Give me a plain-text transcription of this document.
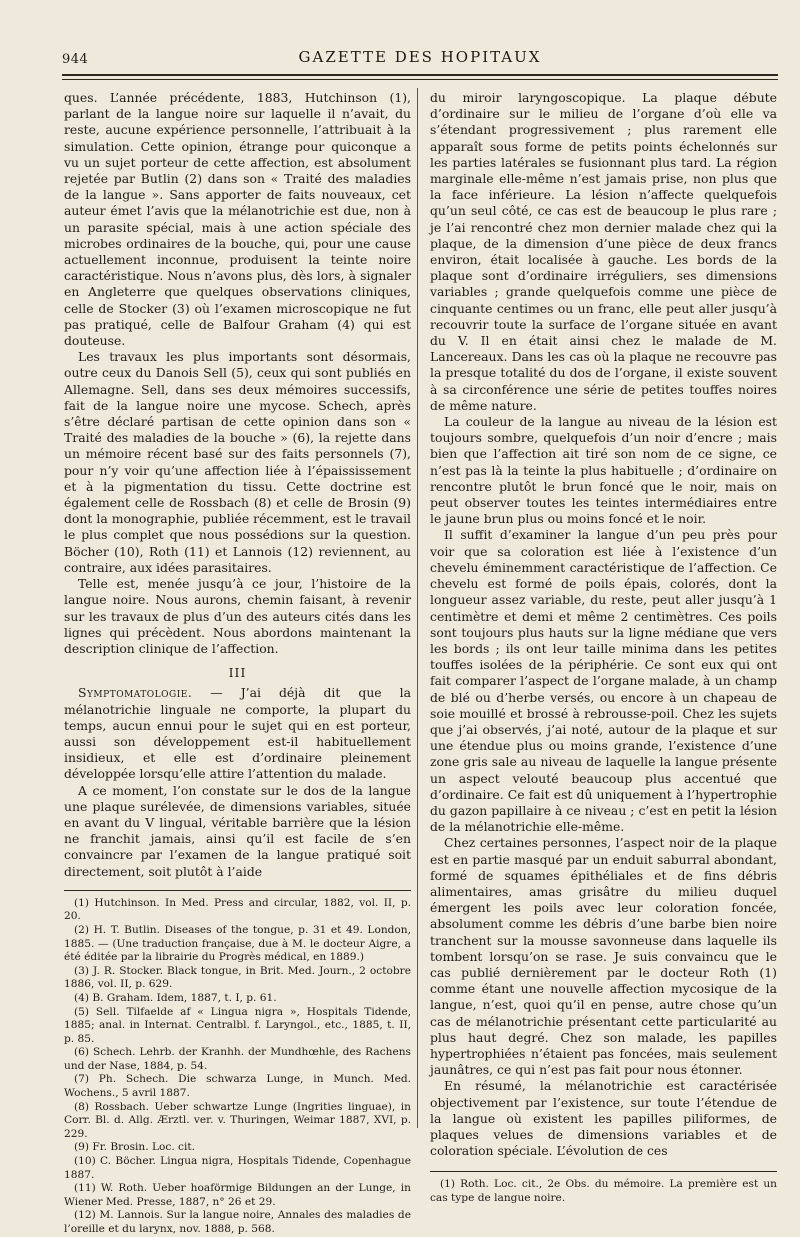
944	GAZETTE DES HOPITAUX

ques. L’année précédente, 1883, Hutchinson (1), parlant de la langue noire sur laquelle il n’avait, du reste, aucune expérience personnelle, l’attribuait à la simulation. Cette opinion, étrange pour quiconque a vu un sujet porteur de cette affection, est absolument rejetée par Butlin (2) dans son « Traité des maladies de la langue ». Sans apporter de faits nouveaux, cet auteur émet l’avis que la mélanotrichie est due, non à un parasite spécial, mais à une action spéciale des microbes ordinaires de la bouche, qui, pour une cause actuellement inconnue, produisent la teinte noire caractéristique. Nous n’avons plus, dès lors, à signaler en Angleterre que quelques observations cliniques, celle de Stocker (3) où l’examen microscopique ne fut pas pratiqué, celle de Balfour Graham (4) qui est douteuse.

Les travaux les plus importants sont désormais, outre ceux du Danois Sell (5), ceux qui sont publiés en Allemagne. Sell, dans ses deux mémoires successifs, fait de la langue noire une mycose. Schech, après s’être déclaré partisan de cette opinion dans son « Traité des maladies de la bouche » (6), la rejette dans un mémoire récent basé sur des faits personnels (7), pour n’y voir qu’une affection liée à l’épaississement et à la pigmentation du tissu. Cette doctrine est également celle de Rossbach (8) et celle de Brosin (9) dont la monographie, publiée récemment, est le travail le plus complet que nous possédions sur la question. Böcher (10), Roth (11) et Lannois (12) reviennent, au contraire, aux idées parasitaires.

Telle est, menée jusqu’à ce jour, l’histoire de la langue noire. Nous aurons, chemin faisant, à revenir sur les travaux de plus d’un des auteurs cités dans les lignes qui précèdent. Nous abordons maintenant la description clinique de l’affection.

III

Symptomatologie. — J’ai déjà dit que la mélanotrichie linguale ne comporte, la plupart du temps, aucun ennui pour le sujet qui en est porteur, aussi son développement est-il habituellement insidieux, et elle est d’ordinaire pleinement développée lorsqu’elle attire l’attention du malade.

A ce moment, l’on constate sur le dos de la langue une plaque surélevée, de dimensions variables, située en avant du V lingual, véritable barrière que la lésion ne franchit jamais, ainsi qu’il est facile de s’en convaincre par l’examen de la langue pratiqué soit directement, soit plutôt à l’aide

(1) Hutchinson. In Med. Press and circular, 1882, vol. II, p. 20.

(2) H. T. Butlin. Diseases of the tongue, p. 31 et 49. London, 1885. — (Une traduction française, due à M. le docteur Aigre, a été éditée par la librairie du Progrès médical, en 1889.)

(3) J. R. Stocker. Black tongue, in Brit. Med. Journ., 2 octobre 1886, vol. II, p. 629.

(4) B. Graham. Idem, 1887, t. I, p. 61.

(5) Sell. Tilfaelde af « Lingua nigra », Hospitals Tidende, 1885; anal. in Internat. Centralbl. f. Laryngol., etc., 1885, t. II, p. 85.

(6) Schech. Lehrb. der Kranhh. der Mundhœhle, des Rachens und der Nase, 1884, p. 54.

(7) Ph. Schech. Die schwarza Lunge, in Munch. Med. Wochens., 5 avril 1887.

(8) Rossbach. Ueber schwartze Lunge (Ingrities linguae), in Corr. Bl. d. Allg. Ærztl. ver. v. Thuringen, Weimar 1887, XVI, p. 229.

(9) Fr. Brosin. Loc. cit.

(10) C. Böcher. Lingua nigra, Hospitals Tidende, Copenhague 1887.

(11) W. Roth. Ueber hoaförmige Bildungen an der Lunge, in Wiener Med. Presse, 1887, n° 26 et 29.

(12) M. Lannois. Sur la langue noire, Annales des maladies de l’oreille et du larynx, nov. 1888, p. 568.

du miroir laryngoscopique. La plaque débute d’ordinaire sur le milieu de l’organe d’où elle va s’étendant progressivement ; plus rarement elle apparaît sous forme de petits points échelonnés sur les parties latérales se fusionnant plus tard. La région marginale elle-même n’est jamais prise, non plus que la face inférieure. La lésion n’affecte quelquefois qu’un seul côté, ce cas est de beaucoup le plus rare ; je l’ai rencontré chez mon dernier malade chez qui la plaque, de la dimension d’une pièce de deux francs environ, était localisée à gauche. Les bords de la plaque sont d’ordinaire irréguliers, ses dimensions variables ; grande quelquefois comme une pièce de cinquante centimes ou un franc, elle peut aller jusqu’à recouvrir toute la surface de l’organe située en avant du V. Il en était ainsi chez le malade de M. Lancereaux. Dans les cas où la plaque ne recouvre pas la presque totalité du dos de l’organe, il existe souvent à sa circonférence une série de petites touffes noires de même nature.

La couleur de la langue au niveau de la lésion est toujours sombre, quelquefois d’un noir d’encre ; mais bien que l’affection ait tiré son nom de ce signe, ce n’est pas là la teinte la plus habituelle ; d’ordinaire on rencontre plutôt le brun foncé que le noir, mais on peut observer toutes les teintes intermédiaires entre le jaune brun plus ou moins foncé et le noir.

Il suffit d’examiner la langue d’un peu près pour voir que sa coloration est liée à l’existence d’un chevelu éminemment caractéristique de l’affection. Ce chevelu est formé de poils épais, colorés, dont la longueur assez variable, du reste, peut aller jusqu’à 1 centimètre et demi et même 2 centimètres. Ces poils sont toujours plus hauts sur la ligne médiane que vers les bords ; ils ont leur taille minima dans les petites touffes isolées de la périphérie. Ce sont eux qui ont fait comparer l’aspect de l’organe malade, à un champ de blé ou d’herbe versés, ou encore à un chapeau de soie mouillé et brossé à rebrousse-poil. Chez les sujets que j’ai observés, j’ai noté, autour de la plaque et sur une étendue plus ou moins grande, l’existence d’une zone gris sale au niveau de laquelle la langue présente un aspect velouté beaucoup plus accentué que d’ordinaire. Ce fait est dû uniquement à l’hypertrophie du gazon papillaire à ce niveau ; c’est en petit la lésion de la mélanotrichie elle-même.

Chez certaines personnes, l’aspect noir de la plaque est en partie masqué par un enduit saburral abondant, formé de squames épithéliales et de fins débris alimentaires, amas grisâtre du milieu duquel émergent les poils avec leur coloration foncée, absolument comme les débris d’une barbe bien noire tranchent sur la mousse savonneuse dans laquelle ils tombent lorsqu’on se rase. Je suis convaincu que le cas publié dernièrement par le docteur Roth (1) comme étant une nouvelle affection mycosique de la langue, n’est, quoi qu’il en pense, autre chose qu’un cas de mélanotrichie présentant cette particularité au plus haut degré. Chez son malade, les papilles hypertrophiées n’étaient pas foncées, mais seulement jaunâtres, ce qui n’est pas fait pour nous étonner.

En résumé, la mélanotrichie est caractérisée objectivement par l’existence, sur toute l’étendue de la langue où existent les papilles piliformes, de plaques velues de dimensions variables et de coloration spéciale. L’évolution de ces

(1) Roth. Loc. cit., 2e Obs. du mémoire. La première est un cas type de langue noire.
